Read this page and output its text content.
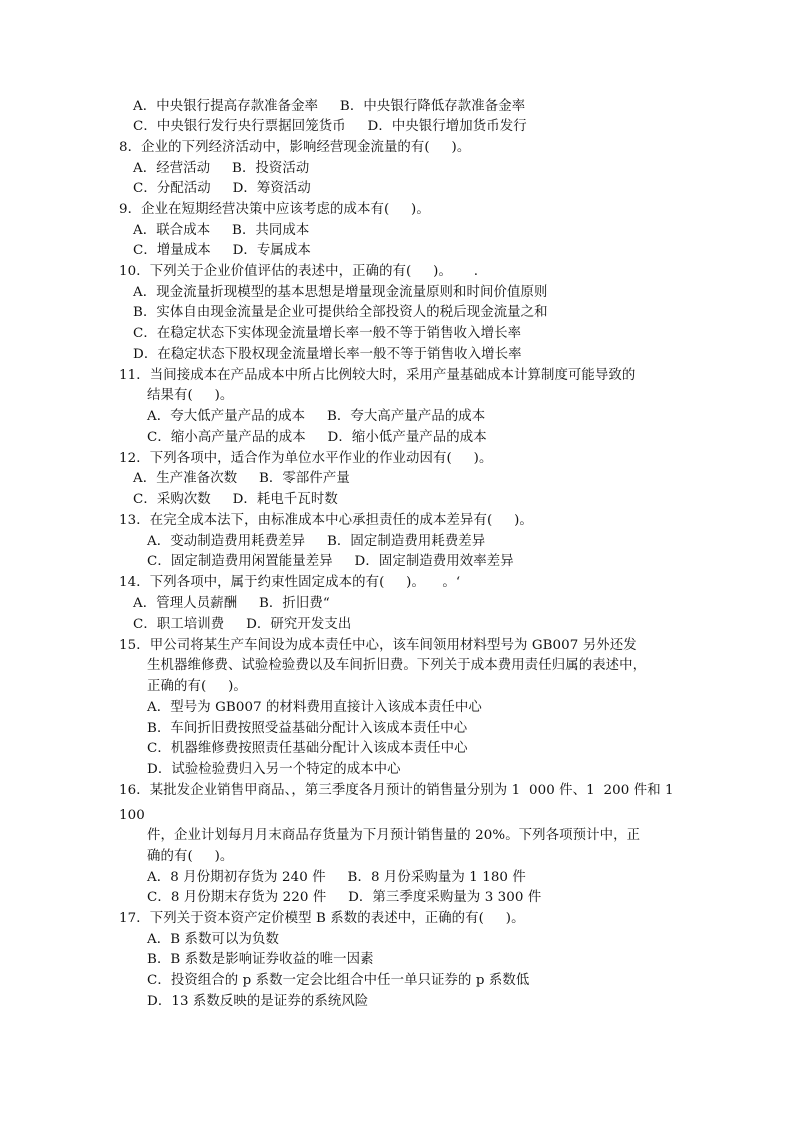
A．中央银行提高存款准备金率     B．中央银行降低存款准备金率
C．中央银行发行央行票据回笼货币     D．中央银行增加货币发行
8．企业的下列经济活动中，影响经营现金流量的有(     )。
A．经营活动     B．投资活动
C．分配活动     D．筹资活动
9．企业在短期经营决策中应该考虑的成本有(     )。
A．联合成本     B．共同成本
C．增量成本     D．专属成本
10．下列关于企业价值评估的表述中，正确的有(     )。     .
A．现金流量折现模型的基本思想是增量现金流量原则和时间价值原则
B．实体自由现金流量是企业可提供给全部投资人的税后现金流量之和
C．在稳定状态下实体现金流量增长率一般不等于销售收入增长率
D．在稳定状态下股权现金流量增长率一般不等于销售收入增长率
11．当间接成本在产品成本中所占比例较大时，采用产量基础成本计算制度可能导致的
结果有(     )。
A．夸大低产量产品的成本     B．夸大高产量产品的成本
C．缩小高产量产品的成本     D．缩小低产量产品的成本
12．下列各项中，适合作为单位水平作业的作业动因有(     )。
A．生产准备次数     B．零部件产量
C．采购次数     D．耗电千瓦时数
13．在完全成本法下，由标准成本中心承担责任的成本差异有(     )。
A．变动制造费用耗费差异     B．固定制造费用耗费差异
C．固定制造费用闲置能量差异     D．固定制造费用效率差异
14．下列各项中，属于约束性固定成本的有(     )。    。‘
A．管理人员薪酬     B．折旧费“
C．职工培训费     D．研究开发支出
15．甲公司将某生产车间设为成本责任中心，该车间领用材料型号为 GB007 另外还发
生机器维修费、试验检验费以及车间折旧费。下列关于成本费用责任归属的表述中，
正确的有(     )。
A．型号为 GB007 的材料费用直接计入该成本责任中心
B．车间折旧费按照受益基础分配计入该成本责任中心
C．机器维修费按照责任基础分配计入该成本责任中心
D．试验检验费归入另一个特定的成本中心
16．某批发企业销售甲商品、，第三季度各月预计的销售量分别为 1  000 件、1  200 件和 1
100
件，企业计划每月月末商品存货量为下月预计销售量的 20%。下列各项预计中，正
确的有(     )。
A．8 月份期初存货为 240 件     B．8 月份采购量为 1 180 件
C．8 月份期末存货为 220 件     D．第三季度采购量为 3 300 件
17．下列关于资本资产定价模型 B 系数的表述中，正确的有(     )。
A．B 系数可以为负数
B．B 系数是影响证券收益的唯一因素
C．投资组合的 p 系数一定会比组合中任一单只证券的 p 系数低
D．13 系数反映的是证券的系统风险
